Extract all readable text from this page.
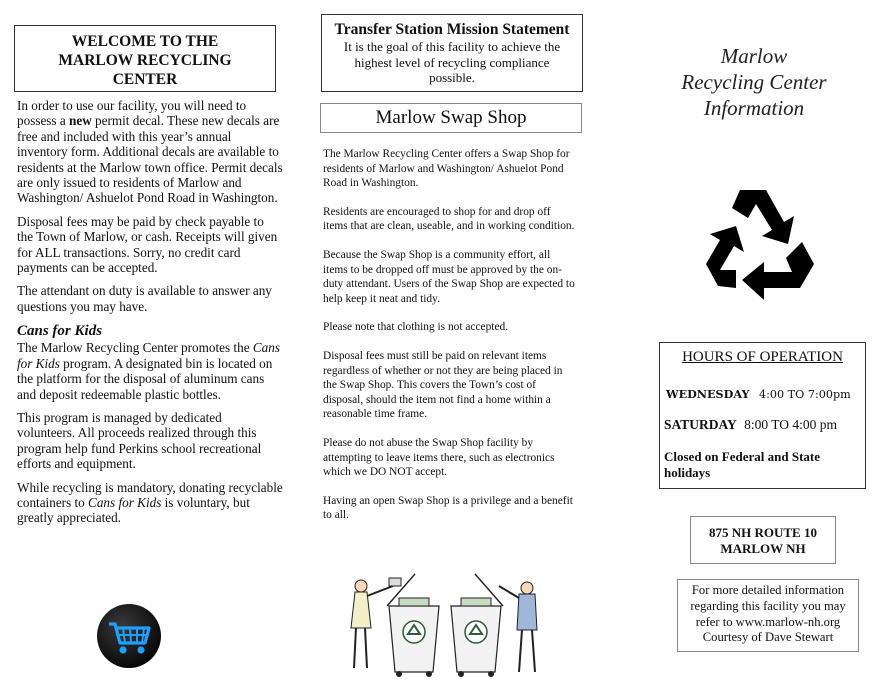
WELCOME TO THE MARLOW RECYCLING CENTER

In order to use our facility, you will need to possess a new permit decal. These new decals are free and included with this year’s annual inventory form. Additional decals are available to residents at the Marlow town office. Permit decals are only issued to residents of Marlow and Washington/ Ashuelot Pond Road in Washington.

Disposal fees may be paid by check payable to the Town of Marlow, or cash. Receipts will given for ALL transactions. Sorry, no credit card payments can be accepted.

The attendant on duty is available to answer any questions you may have.

Cans for Kids

The Marlow Recycling Center promotes the Cans for Kids program. A designated bin is located on the platform for the disposal of aluminum cans and deposit redeemable plastic bottles.

This program is managed by dedicated volunteers. All proceeds realized through this program help fund Perkins school recreational efforts and equipment.

While recycling is mandatory, donating recyclable containers to Cans for Kids is voluntary, but greatly appreciated.

Transfer Station Mission Statement
It is the goal of this facility to achieve the highest level of recycling compliance possible.
Marlow Swap Shop

The Marlow Recycling Center offers a Swap Shop for residents of Marlow and Washington/ Ashuelot Pond Road in Washington.

Residents are encouraged to shop for and drop off items that are clean, useable, and in working condition.

Because the Swap Shop is a community effort, all items to be dropped off must be approved by the on-duty attendant. Users of the Swap Shop are expected to help keep it neat and tidy.

Please note that clothing is not accepted.

Disposal fees must still be paid on relevant items regardless of whether or not they are being placed in the Swap Shop. This covers the Town’s cost of disposal, should the item not find a home within a reasonable time frame.

Please do not abuse the Swap Shop facility by attempting to leave items there, such as electronics which we DO NOT accept.

Having an open Swap Shop is a privilege and a benefit to all.

Marlow
Recycling Center
Information
HOURS OF OPERATION
WEDNESDAY 4:00 TO 7:00pm
SATURDAY 8:00 TO 4:00 pm
Closed on Federal and State holidays
875 NH ROUTE 10
MARLOW NH
For more detailed information regarding this facility you may refer to www.marlow-nh.org Courtesy of Dave Stewart
